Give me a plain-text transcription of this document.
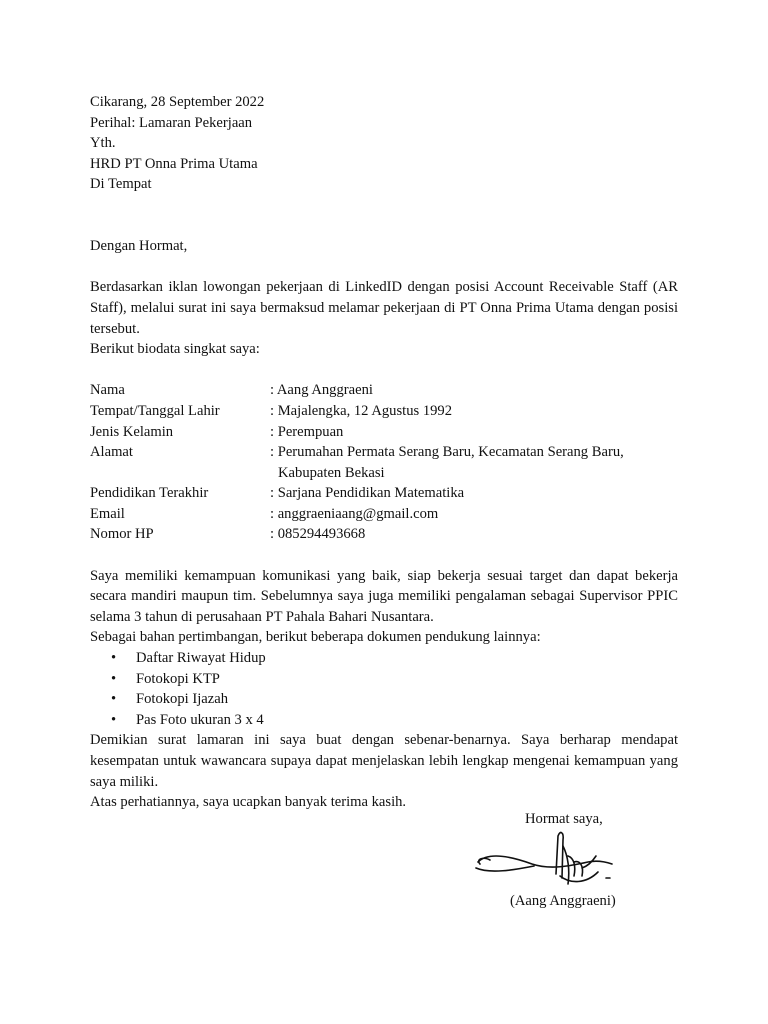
Cikarang, 28 September 2022
Perihal: Lamaran Pekerjaan
Yth.
HRD PT Onna Prima Utama
Di Tempat
Dengan Hormat,
Berdasarkan iklan lowongan pekerjaan di LinkedID dengan posisi Account Receivable Staff (AR Staff), melalui surat ini saya bermaksud melamar pekerjaan di PT Onna Prima Utama dengan posisi tersebut.
Berikut biodata singkat saya:
Nama	: Aang Anggraeni
Tempat/Tanggal Lahir	: Majalengka, 12 Agustus 1992
Jenis Kelamin	: Perempuan
Alamat	: Perumahan Permata Serang Baru, Kecamatan Serang Baru,
Kabupaten Bekasi
Pendidikan Terakhir	: Sarjana Pendidikan Matematika
Email	: anggraeniaang@gmail.com
Nomor HP	: 085294493668
Saya memiliki kemampuan komunikasi yang baik, siap bekerja sesuai target dan dapat bekerja secara mandiri maupun tim. Sebelumnya saya juga memiliki pengalaman sebagai Supervisor PPIC selama 3 tahun di perusahaan PT Pahala Bahari Nusantara.
Sebagai bahan pertimbangan, berikut beberapa dokumen pendukung lainnya:
• Daftar Riwayat Hidup
• Fotokopi KTP
• Fotokopi Ijazah
• Pas Foto ukuran 3 x 4
Demikian surat lamaran ini saya buat dengan sebenar-benarnya. Saya berharap mendapat kesempatan untuk wawancara supaya dapat menjelaskan lebih lengkap mengenai kemampuan yang saya miliki.
Atas perhatiannya, saya ucapkan banyak terima kasih.
Hormat saya,
(Aang Anggraeni)
